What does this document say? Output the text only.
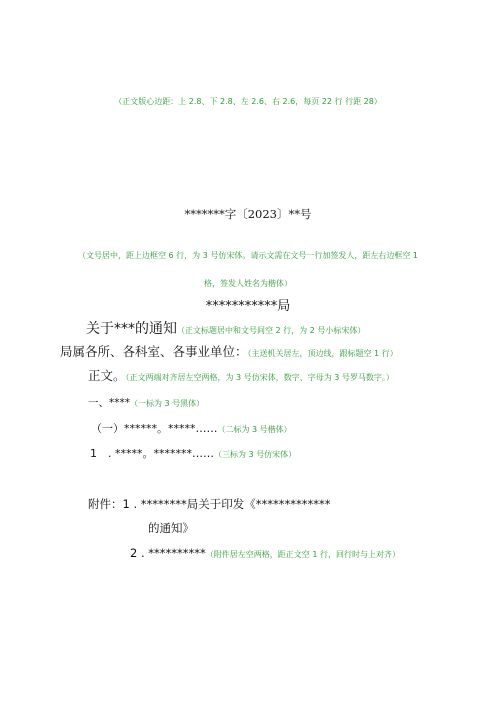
（正文版心边距：上 2.8、下 2.8、左 2.6、右 2.6，每页 22 行 行距 28）
*******字〔2023〕**号
（文号居中，距上边框空 6 行，为 3 号仿宋体。请示文需在文号一行加签发人，距左右边框空 1
格，签发人姓名为楷体）
***********局
关于***的通知（正文标题居中和文号间空 2 行，为 2 号小标宋体）
局属各所、各科室、各事业单位：（主送机关居左，顶边线，跟标题空 1 行）
正文。（正文两端对齐居左空两格，为 3 号仿宋体，数字、字母为 3 号罗马数字。）
一、****（一标为 3 号黑体）
（一）******。*****……（二标为 3 号楷体）
1　. *****。*******……（三标为 3 号仿宋体）
附件：1 . ********局关于印发《*************
的通知》
2 . **********（附件居左空两格，距正文空 1 行，回行时与上对齐）
